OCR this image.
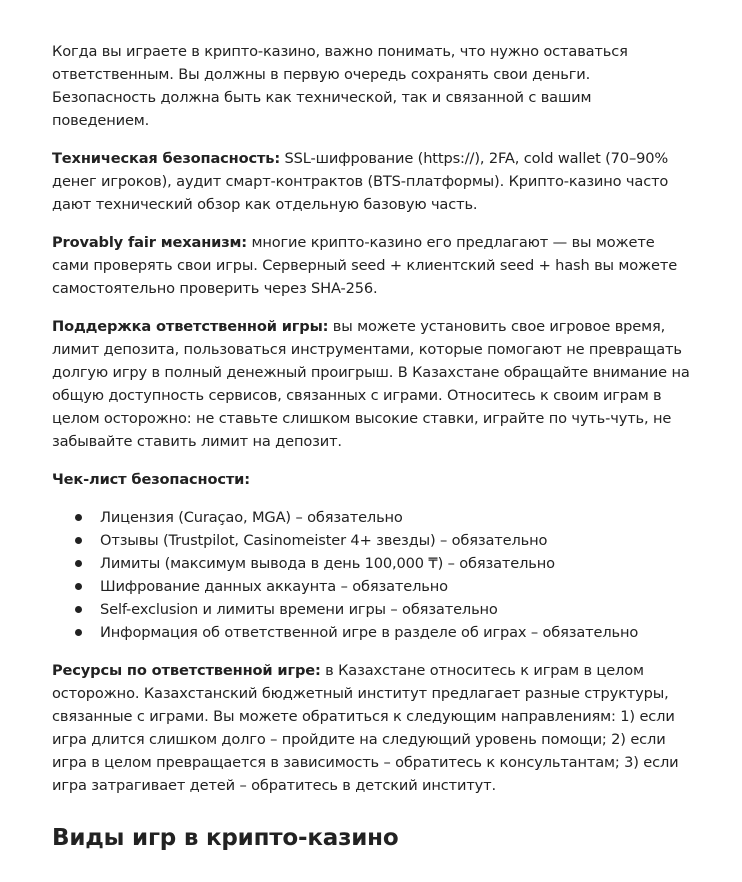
Когда вы играете в крипто-казино, важно понимать, что нужно оставаться ответственным. Вы должны в первую очередь сохранять свои деньги. Безопасность должна быть как технической, так и связанной с вашим поведением.

Техническая безопасность: SSL-шифрование (https://), 2FA, cold wallet (70–90% денег игроков), аудит смарт-контрактов (BTS-платформы). Крипто-казино часто дают технический обзор как отдельную базовую часть.

Provably fair механизм: многие крипто-казино его предлагают — вы можете сами проверять свои игры. Серверный seed + клиентский seed + hash вы можете самостоятельно проверить через SHA-256.

Поддержка ответственной игры: вы можете установить свое игровое время, лимит депозита, пользоваться инструментами, которые помогают не превращать долгую игру в полный денежный проигрыш. В Казахстане обращайте внимание на общую доступность сервисов, связанных с играми. Относитесь к своим играм в целом осторожно: не ставьте слишком высокие ставки, играйте по чуть-чуть, не забывайте ставить лимит на депозит.

Чек-лист безопасности:
Лицензия (Curaçao, MGA) – обязательно
Отзывы (Trustpilot, Casinomeister 4+ звезды) – обязательно
Лимиты (максимум вывода в день 100,000 ₸) – обязательно
Шифрование данных аккаунта – обязательно
Self-exclusion и лимиты времени игры – обязательно
Информация об ответственной игре в разделе об играх – обязательно

Ресурсы по ответственной игре: в Казахстане относитесь к играм в целом осторожно. Казахстанский бюджетный институт предлагает разные структуры, связанные с играми. Вы можете обратиться к следующим направлениям: 1) если игра длится слишком долго – пройдите на следующий уровень помощи; 2) если игра в целом превращается в зависимость – обратитесь к консультантам; 3) если игра затрагивает детей – обратитесь в детский институт.

Виды игр в крипто-казино
